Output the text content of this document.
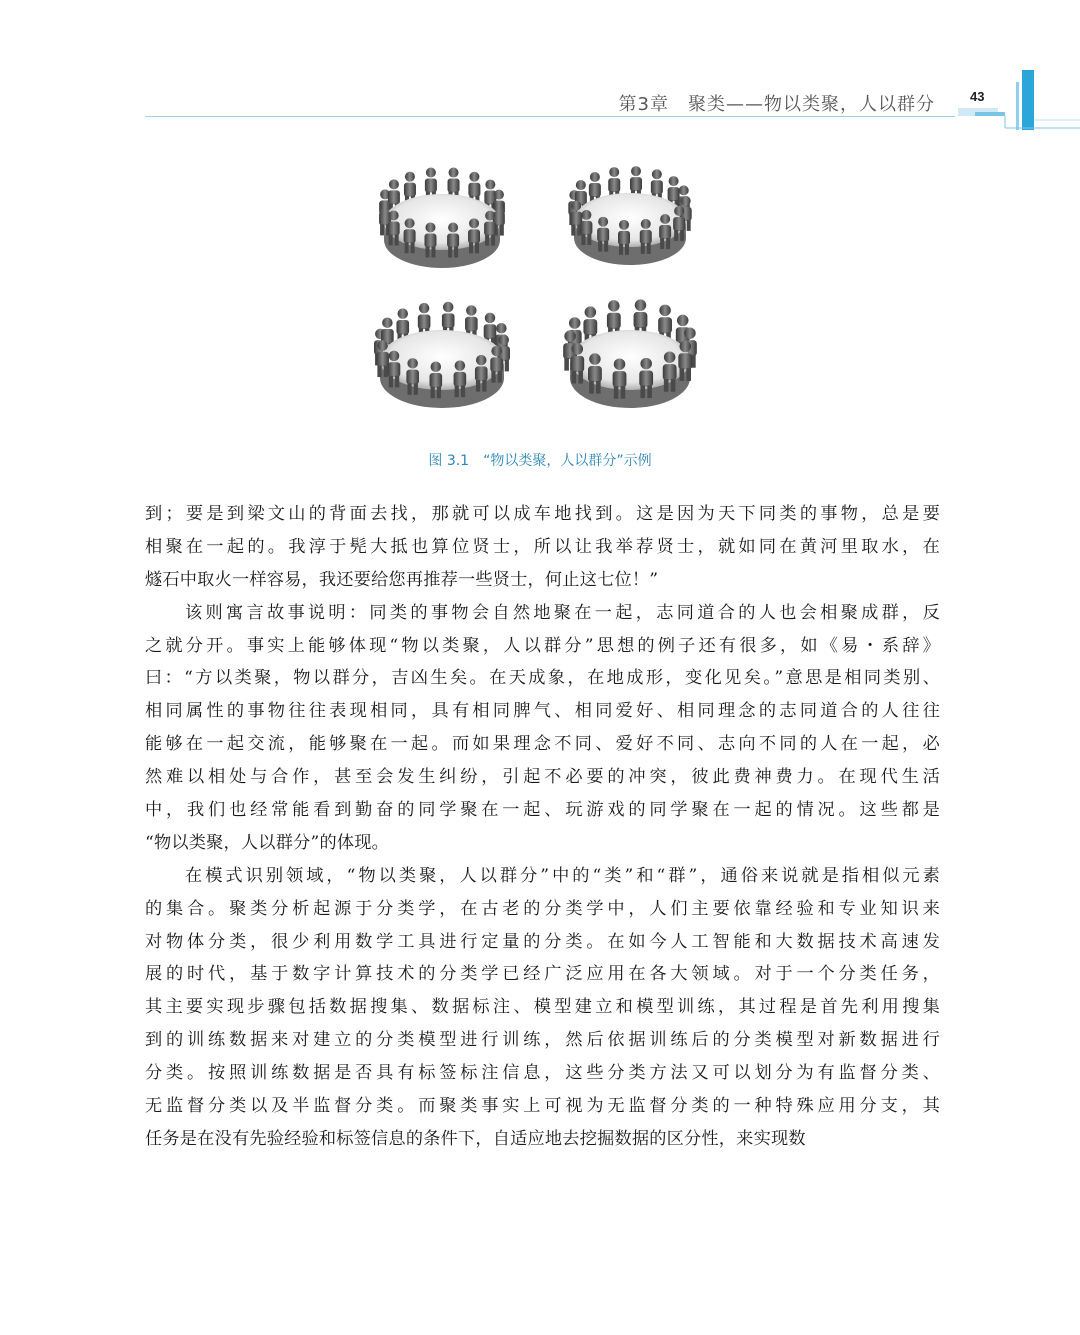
第3章　聚类——物以类聚，人以群分	43
图 3.1　“物以类聚，人以群分”示例
到；要是到梁文山的背面去找，那就可以成车地找到。这是因为天下同类的事物，总是要
相聚在一起的。我淳于髡大抵也算位贤士，所以让我举荐贤士，就如同在黄河里取水，在
燧石中取火一样容易，我还要给您再推荐一些贤士，何止这七位！”
该则寓言故事说明：同类的事物会自然地聚在一起，志同道合的人也会相聚成群，反
之就分开。事实上能够体现“物以类聚，人以群分”思想的例子还有很多，如《易・系辞》
曰：“方以类聚，物以群分，吉凶生矣。在天成象，在地成形，变化见矣。”意思是相同类别、
相同属性的事物往往表现相同，具有相同脾气、相同爱好、相同理念的志同道合的人往往
能够在一起交流，能够聚在一起。而如果理念不同、爱好不同、志向不同的人在一起，必
然难以相处与合作，甚至会发生纠纷，引起不必要的冲突，彼此费神费力。在现代生活
中，我们也经常能看到勤奋的同学聚在一起、玩游戏的同学聚在一起的情况。这些都是
“物以类聚，人以群分”的体现。
在模式识别领域，“物以类聚，人以群分”中的“类”和“群”，通俗来说就是指相似元素
的集合。聚类分析起源于分类学，在古老的分类学中，人们主要依靠经验和专业知识来
对物体分类，很少利用数学工具进行定量的分类。在如今人工智能和大数据技术高速发
展的时代，基于数字计算技术的分类学已经广泛应用在各大领域。对于一个分类任务，
其主要实现步骤包括数据搜集、数据标注、模型建立和模型训练，其过程是首先利用搜集
到的训练数据来对建立的分类模型进行训练，然后依据训练后的分类模型对新数据进行
分类。按照训练数据是否具有标签标注信息，这些分类方法又可以划分为有监督分类、
无监督分类以及半监督分类。而聚类事实上可视为无监督分类的一种特殊应用分支，其
任务是在没有先验经验和标签信息的条件下，自适应地去挖掘数据的区分性，来实现数
